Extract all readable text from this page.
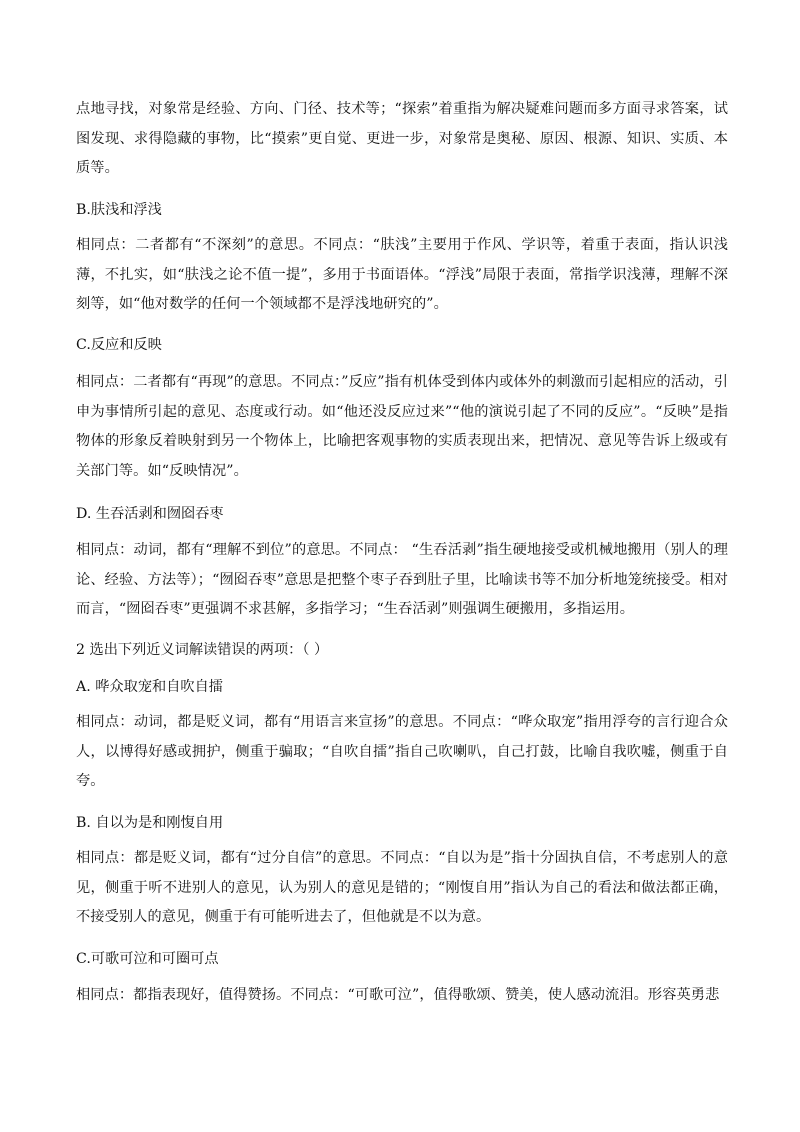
点地寻找，对象常是经验、方向、门径、技术等；“探索”着重指为解决疑难问题而多方面寻求答案，试图发现、求得隐藏的事物，比“摸索”更自觉、更进一步，对象常是奥秘、原因、根源、知识、实质、本质等。

B.肤浅和浮浅

相同点：二者都有“不深刻”的意思。不同点：“肤浅”主要用于作风、学识等，着重于表面，指认识浅薄，不扎实，如“肤浅之论不值一提”，多用于书面语体。“浮浅”局限于表面，常指学识浅薄，理解不深刻等，如“他对数学的任何一个领域都不是浮浅地研究的”。

C.反应和反映

相同点：二者都有“再现”的意思。不同点：”反应”指有机体受到体内或体外的刺激而引起相应的活动，引申为事情所引起的意见、态度或行动。如“他还没反应过来”“他的演说引起了不同的反应”。“反映”是指物体的形象反着映射到另一个物体上，比喻把客观事物的实质表现出来，把情况、意见等告诉上级或有关部门等。如“反映情况”。

D. 生吞活剥和囫囵吞枣

相同点：动词，都有“理解不到位”的意思。不同点： “生吞活剥”指生硬地接受或机械地搬用（别人的理论、经验、方法等）；“囫囵吞枣”意思是把整个枣子吞到肚子里，比喻读书等不加分析地笼统接受。相对而言，“囫囵吞枣”更强调不求甚解，多指学习；“生吞活剥”则强调生硬搬用，多指运用。

2 选出下列近义词解读错误的两项：（ ）

A. 哗众取宠和自吹自擂

相同点：动词，都是贬义词，都有“用语言来宣扬”的意思。不同点：“哗众取宠”指用浮夸的言行迎合众人，以博得好感或拥护，侧重于骗取；“自吹自擂”指自己吹喇叭，自己打鼓，比喻自我吹嘘，侧重于自夸。

B. 自以为是和刚愎自用

相同点：都是贬义词，都有“过分自信”的意思。不同点：“自以为是”指十分固执自信，不考虑别人的意见，侧重于听不进别人的意见，认为别人的意见是错的；“刚愎自用”指认为自己的看法和做法都正确，不接受别人的意见，侧重于有可能听进去了，但他就是不以为意。

C.可歌可泣和可圈可点

相同点：都指表现好，值得赞扬。不同点：“可歌可泣”，值得歌颂、赞美，使人感动流泪。形容英勇悲
